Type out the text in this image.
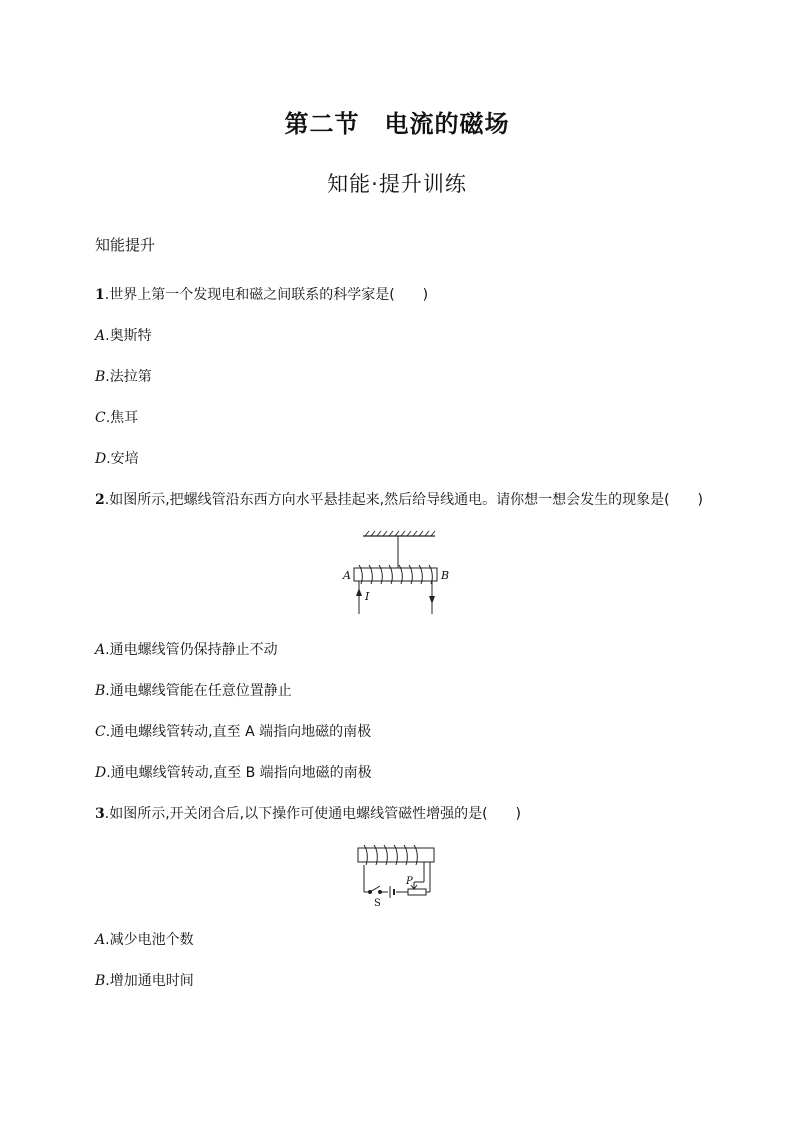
第二节　电流的磁场
知能·提升训练
知能提升
1.世界上第一个发现电和磁之间联系的科学家是(　　)
A.奥斯特
B.法拉第
C.焦耳
D.安培
2.如图所示,把螺线管沿东西方向水平悬挂起来,然后给导线通电。请你想一想会发生的现象是(　　)
A	B
I
A.通电螺线管仍保持静止不动
B.通电螺线管能在任意位置静止
C.通电螺线管转动,直至 A 端指向地磁的南极
D.通电螺线管转动,直至 B 端指向地磁的南极
3.如图所示,开关闭合后,以下操作可使通电螺线管磁性增强的是(　　)
S
P
A.减少电池个数
B.增加通电时间
